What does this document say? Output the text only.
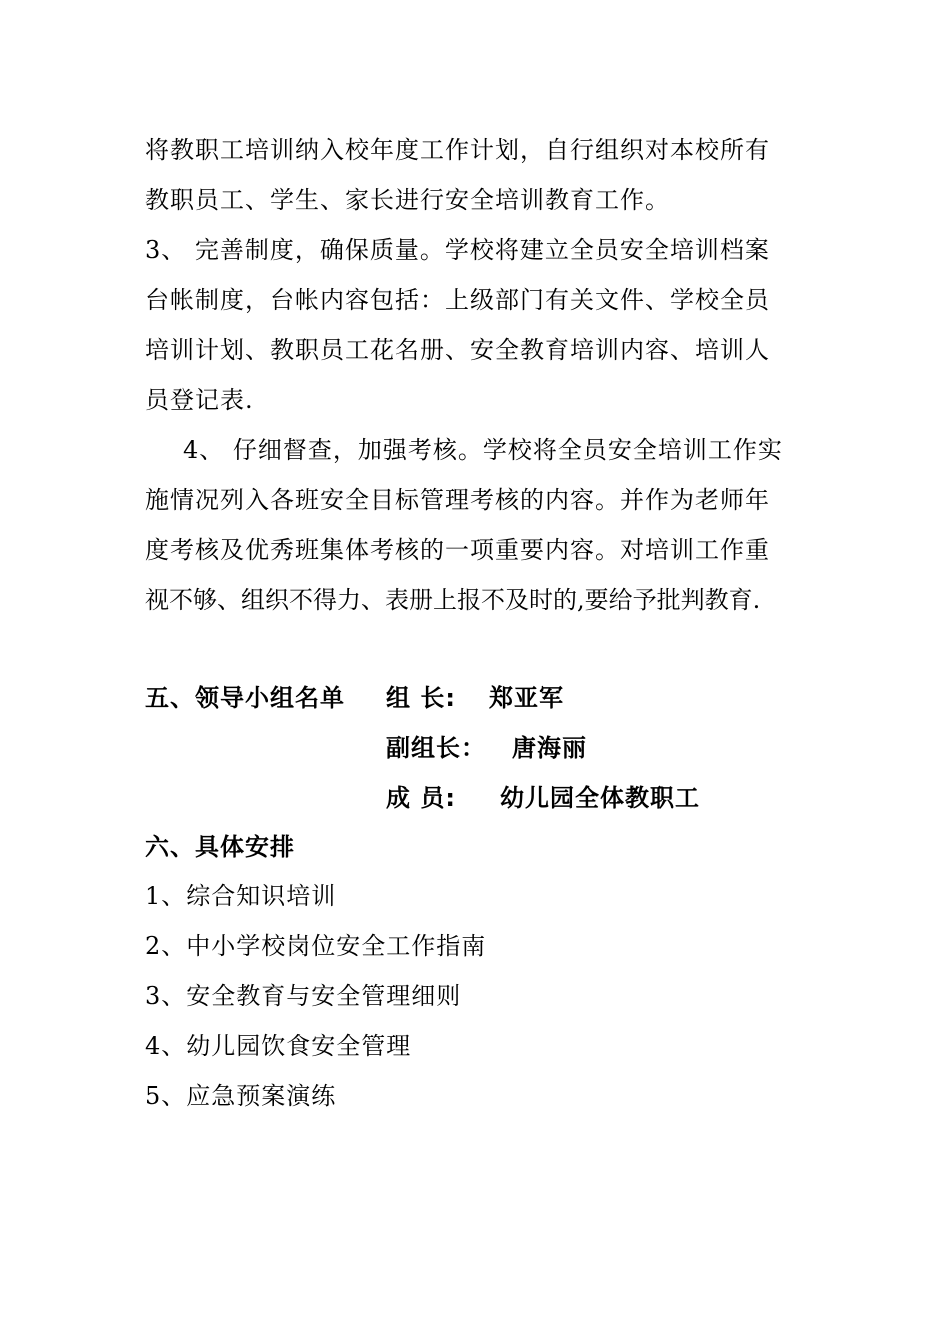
将教职工培训纳入校年度工作计划，自行组织对本校所有
教职员工、学生、家长进行安全培训教育工作。
3、 完善制度，确保质量。学校将建立全员安全培训档案
台帐制度，台帐内容包括：上级部门有关文件、学校全员
培训计划、教职员工花名册、安全教育培训内容、培训人
员登记表.
4、 仔细督查，加强考核。学校将全员安全培训工作实
施情况列入各班安全目标管理考核的内容。并作为老师年
度考核及优秀班集体考核的一项重要内容。对培训工作重
视不够、组织不得力、表册上报不及时的,要给予批判教育.
五、领导小组名单 组 长: 郑亚军
副组长： 唐海丽
成 员: 幼儿园全体教职工
六、具体安排
1、综合知识培训
2、中小学校岗位安全工作指南
3、安全教育与安全管理细则
4、幼儿园饮食安全管理
5、应急预案演练
